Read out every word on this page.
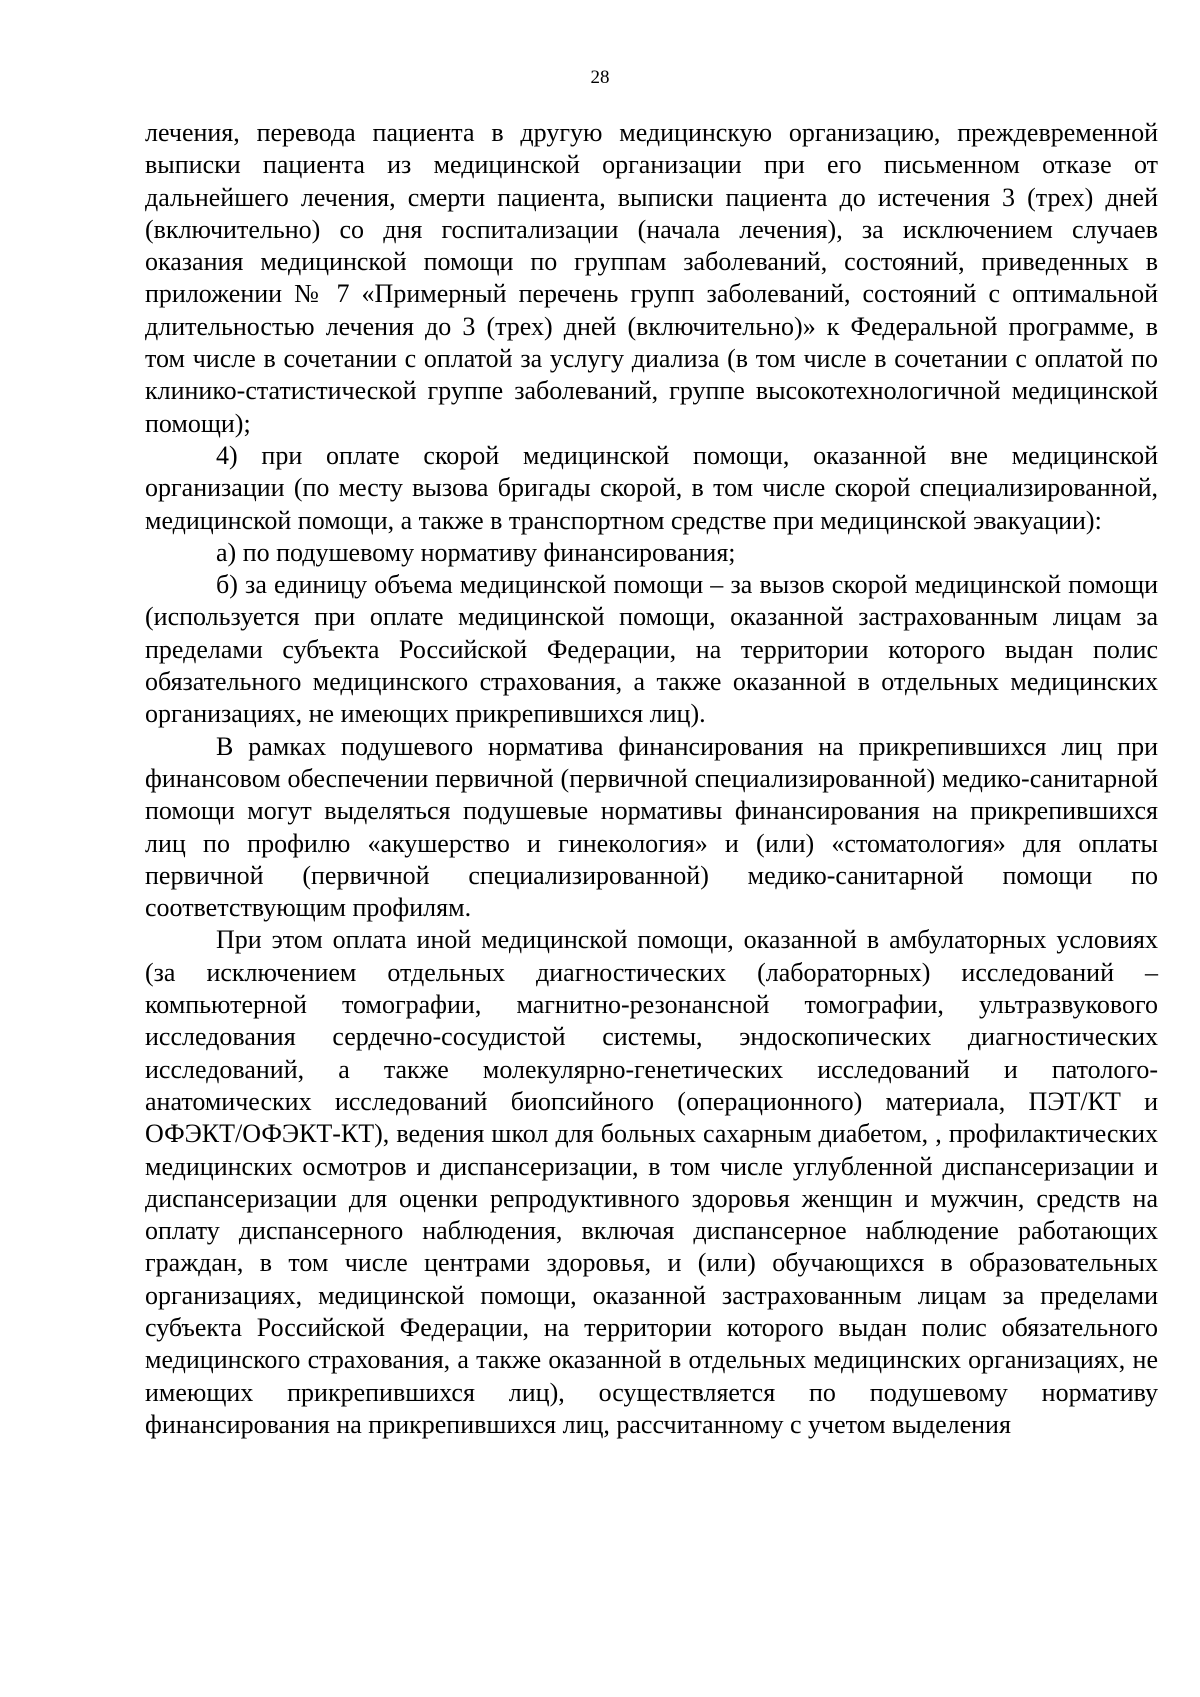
28

лечения, перевода пациента в другую медицинскую организацию, преждевременной выписки пациента из медицинской организации при его письменном отказе от дальнейшего лечения, смерти пациента, выписки пациента до истечения 3 (трех) дней (включительно) со дня госпитализации (начала лечения), за исключением случаев оказания медицинской помощи по группам заболеваний, состояний, приведенных в приложении № 7 «Примерный перечень групп заболеваний, состояний с оптимальной длительностью лечения до 3 (трех) дней (включительно)» к Федеральной программе, в том числе в сочетании с оплатой за услугу диализа (в том числе в сочетании с оплатой по клинико-статистической группе заболеваний, группе высокотехнологичной медицинской помощи);

4) при оплате скорой медицинской помощи, оказанной вне медицинской организации (по месту вызова бригады скорой, в том числе скорой специализированной, медицинской помощи, а также в транспортном средстве при медицинской эвакуации):

а) по подушевому нормативу финансирования;

б) за единицу объема медицинской помощи – за вызов скорой медицинской помощи (используется при оплате медицинской помощи, оказанной застрахованным лицам за пределами субъекта Российской Федерации, на территории которого выдан полис обязательного медицинского страхования, а также оказанной в отдельных медицинских организациях, не имеющих прикрепившихся лиц).

В рамках подушевого норматива финансирования на прикрепившихся лиц при финансовом обеспечении первичной (первичной специализированной) медико-санитарной помощи могут выделяться подушевые нормативы финансирования на прикрепившихся лиц по профилю «акушерство и гинекология» и (или) «стоматология» для оплаты первичной (первичной специализированной) медико-санитарной помощи по соответствующим профилям.

При этом оплата иной медицинской помощи, оказанной в амбулаторных условиях (за исключением отдельных диагностических (лабораторных) исследований – компьютерной томографии, магнитно-резонансной томографии, ультразвукового исследования сердечно-сосудистой системы, эндоскопических диагностических исследований, а также молекулярно-генетических исследований и патолого-анатомических исследований биопсийного (операционного) материала, ПЭТ/КТ и ОФЭКТ/ОФЭКТ-КТ), ведения школ для больных сахарным диабетом, , профилактических медицинских осмотров и диспансеризации, в том числе углубленной диспансеризации и диспансеризации для оценки репродуктивного здоровья женщин и мужчин, средств на оплату диспансерного наблюдения, включая диспансерное наблюдение работающих граждан, в том числе центрами здоровья, и (или) обучающихся в образовательных организациях, медицинской помощи, оказанной застрахованным лицам за пределами субъекта Российской Федерации, на территории которого выдан полис обязательного медицинского страхования, а также оказанной в отдельных медицинских организациях, не имеющих прикрепившихся лиц), осуществляется по подушевому нормативу финансирования на прикрепившихся лиц, рассчитанному с учетом выделения
